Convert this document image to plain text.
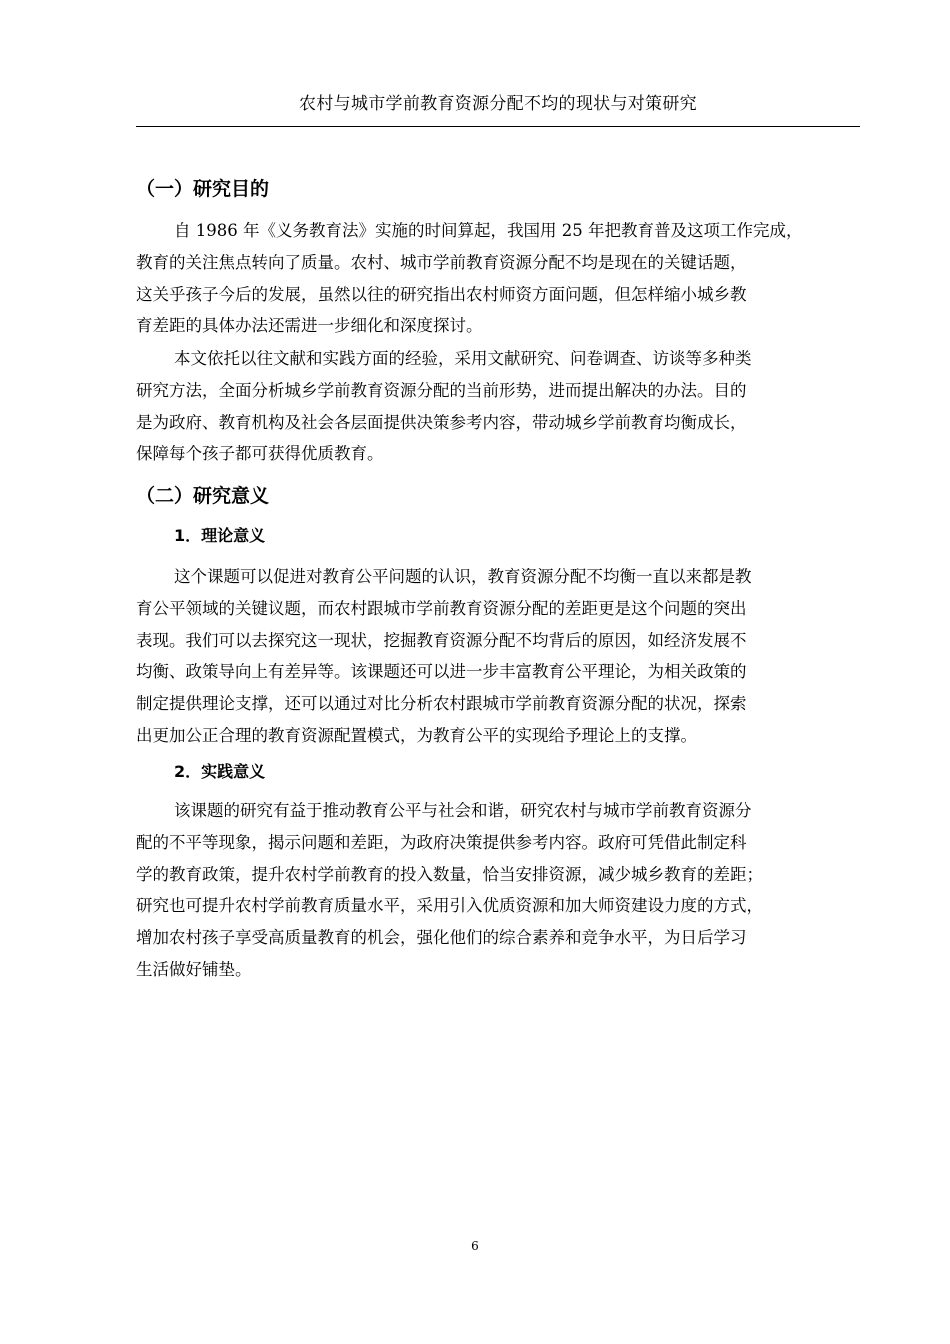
农村与城市学前教育资源分配不均的现状与对策研究
（一）研究目的
自 1986 年《义务教育法》实施的时间算起，我国用 25 年把教育普及这项工作完成，
教育的关注焦点转向了质量。农村、城市学前教育资源分配不均是现在的关键话题，
这关乎孩子今后的发展，虽然以往的研究指出农村师资方面问题，但怎样缩小城乡教
育差距的具体办法还需进一步细化和深度探讨。
本文依托以往文献和实践方面的经验，采用文献研究、问卷调查、访谈等多种类
研究方法，全面分析城乡学前教育资源分配的当前形势，进而提出解决的办法。目的
是为政府、教育机构及社会各层面提供决策参考内容，带动城乡学前教育均衡成长，
保障每个孩子都可获得优质教育。
（二）研究意义
1．理论意义
这个课题可以促进对教育公平问题的认识，教育资源分配不均衡一直以来都是教
育公平领域的关键议题，而农村跟城市学前教育资源分配的差距更是这个问题的突出
表现。我们可以去探究这一现状，挖掘教育资源分配不均背后的原因，如经济发展不
均衡、政策导向上有差异等。该课题还可以进一步丰富教育公平理论，为相关政策的
制定提供理论支撑，还可以通过对比分析农村跟城市学前教育资源分配的状况，探索
出更加公正合理的教育资源配置模式，为教育公平的实现给予理论上的支撑。
2．实践意义
该课题的研究有益于推动教育公平与社会和谐，研究农村与城市学前教育资源分
配的不平等现象，揭示问题和差距，为政府决策提供参考内容。政府可凭借此制定科
学的教育政策，提升农村学前教育的投入数量，恰当安排资源，减少城乡教育的差距；
研究也可提升农村学前教育质量水平，采用引入优质资源和加大师资建设力度的方式，
增加农村孩子享受高质量教育的机会，强化他们的综合素养和竞争水平，为日后学习
生活做好铺垫。
6
